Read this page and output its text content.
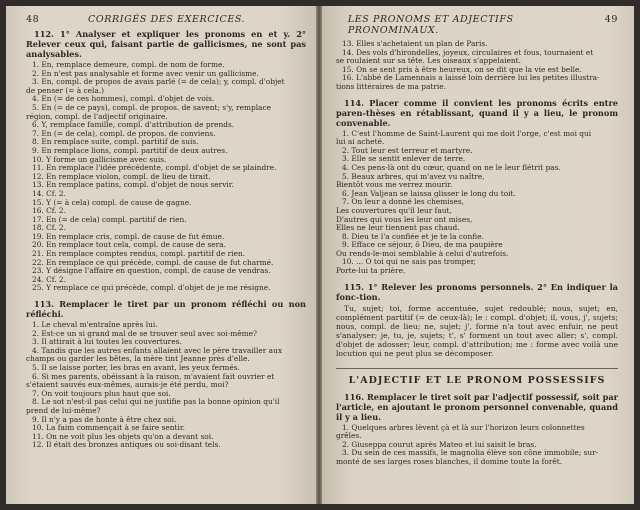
48	CORRIGÉS DES EXERCICES.
112. 1° Analyser et expliquer les pronoms en et y. 2° Relever ceux qui, faisant partie de gallicismes, ne sont pas analysables.
1. En, remplace demeure, compl. de nom de forme.
2. En n'est pas analysable et forme avec venir un gallicisme.
3. En, compl. de propos de avais parlé (= de cela); y, compl. d'objet
de penser (= à cela.)
4. En (= de ces hommes), compl. d'objet de vois.
5. En (= de ce pays), compl. de propos. de savent; s'y, remplace
région, compl. de l'adjectif originaire.
6. Y, remplace famille, compl. d'attribution de prends.
7. En (= de cela), compl. de propos. de conviens.
8. En remplace suite, compl. partitif de suis.
9. En remplace lions, compl. partitif de deux autres.
10. Y forme un gallicisme avec suis.
11. En remplace l'idée précédente, compl. d'objet de se plaindre.
12. En remplace violon, compl. de lieu de tirait.
13. En remplace patins, compl. d'objet de nous servir.
14. Cf. 2.
15. Y (= à cela) compl. de cause de gagne.
16. Cf. 2.
17. En (= de cela) compl. partitif de rien.
18. Cf. 2.
19. En remplace cris, compl. de cause de fut émue.
20. En remplace tout cela, compl. de cause de sera.
21. En remplace comptes rendus, compl. partitif de rien.
22. En remplace ce qui précède, compl. de cause de fut charmé.
23. Y désigne l'affaire en question, compl. de cause de vendras.
24. Cf. 2.
25. Y remplace ce qui précède, compl. d'objet de je me résigne.
113. Remplacer le tiret par un pronom réfléchi ou non réfléchi.
1. Le cheval m'entraîne après lui.
2. Est-ce un si grand mal de se trouver seul avec soi-même?
3. Il attirait à lui toutes les couvertures.
4. Tandis que les autres enfants allaient avec le père travailler aux
champs ou garder les bêtes, la mère tint Jeanne près d'elle.
5. Il se laisse porter, les bras en avant, les yeux fermés.
6. Si mes parents, obéissant à la raison, m'avaient fait ouvrier et
s'étaient sauvés eux-mêmes, aurais-je été perdu, moi?
7. On voit toujours plus haut que soi.
8. Le sot n'est-il pas celui qui ne justifie pas la bonne opinion qu'il
prend de lui-même?
9. Il n'y a pas de honte à être chez soi.
10. La faim commençait à se faire sentir.
11. On ne voit plus les objets qu'on a devant soi.
12. Il était des bronzes antiques ou soi-disant tels.
LES PRONOMS ET ADJECTIFS PRONOMINAUX.
49
13. Elles s'achetaient un plan de Paris.
14. Des vols d'hirondelles, joyeux, circulaires et fous, tournaient et
se roulaient sur sa tête. Les oiseaux s'appelaient.
15. On se sent pris à être heureux, on se dit que la vie est belle.
16. L'abbé de Lamennais a laissé loin derrière lui les petites illustra-
tions littéraires de ma patrie.
114. Placer comme il convient les pronoms écrits entre paren-thèses en rétablissant, quand il y a lieu, le pronom convenable.
1. C'est l'homme de Saint-Laurent qui me doit l'orge, c'est moi qui
lui ai acheté.
2. Tout leur est terreur et martyre.
3. Elle se sentit enlever de terre.
4. Ces pens-là ont du cœur, quand on ne le leur flétrit pas.
5. Beaux arbres, qui m'avez vu naître,
Bientôt vous me verrez mourir.
6. Jean Valjean se laissa glisser le long du toit.
7. On leur a donné les chemises,
Les couvertures qu'il leur faut,
D'autres qui vous les leur ont mises,
Elles ne leur tiennent pas chaud.
8. Dieu te l'a confiée et je te la confie.
9. Efface ce séjour, ô Dieu, de ma paupière
Ou rends-le-moi semblable à celui d'autrefois.
10. ... Ô toi qui ne sais pas tromper,
Porte-lui ta prière.
115. 1° Relever les pronoms personnels. 2° En indiquer la fonc-tion.
Tu, sujet; toi, forme accentuée, sujet redoublé; nous, sujet; en, complément partitif (= de ceux-là); le : compl. d'objet; il, vous, j', sujets; nous, compl. de lieu; ne, sujet; j', forme n'a tout avec enfuir, ne peut s'analyser; je, tu, je, sujets; t', s' forment un tout avec aller; s', compl. d'objet de adosser; leur, compl. d'attribution; me : forme avec voilà une locution qui ne peut plus se décomposer.
L'ADJECTIF ET LE PRONOM POSSESSIFS
116. Remplacer le tiret soit par l'adjectif possessif, soit par l'article, en ajoutant le pronom personnel convenable, quand il y a lieu.
1. Quelques arbres lèvent çà et là sur l'horizon leurs colonnettes
grêles.
2. Giuseppa courut après Mateo et lui saisit le bras.
3. Du sein de ces massifs, le magnolia élève son cône immobile; sur-
monté de ses larges roses blanches, il domine toute la forêt.
